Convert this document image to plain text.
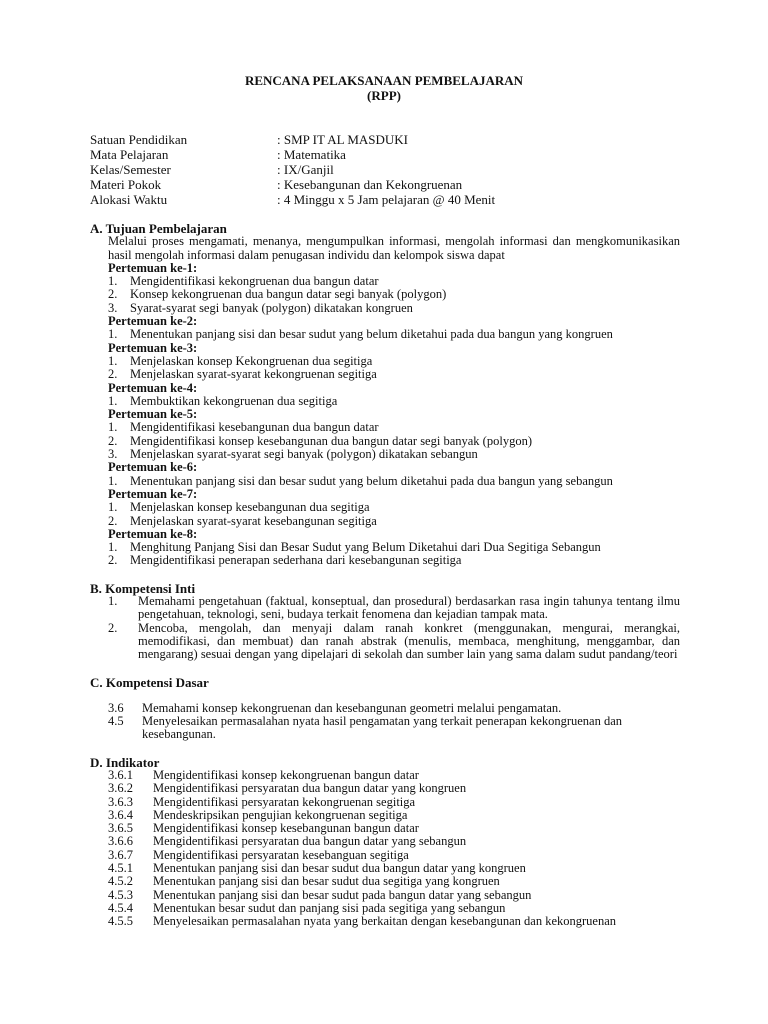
RENCANA PELAKSANAAN PEMBELAJARAN
(RPP)
Satuan Pendidikan	: SMP IT AL MASDUKI
Mata Pelajaran	: Matematika
Kelas/Semester	: IX/Ganjil
Materi Pokok	: Kesebangunan dan Kekongruenan
Alokasi Waktu	: 4 Minggu x 5 Jam pelajaran @ 40 Menit
A. Tujuan Pembelajaran
Melalui proses mengamati, menanya, mengumpulkan informasi, mengolah informasi dan mengkomunikasikan hasil mengolah informasi dalam penugasan individu dan kelompok siswa dapat
Pertemuan ke-1:
1.	Mengidentifikasi kekongruenan dua bangun datar
2.	Konsep kekongruenan dua bangun datar segi banyak (polygon)
3.	Syarat-syarat segi banyak (polygon) dikatakan kongruen
Pertemuan ke-2:
1.	Menentukan panjang sisi dan besar sudut yang belum diketahui pada dua bangun yang kongruen
Pertemuan ke-3:
1.	Menjelaskan konsep Kekongruenan dua segitiga
2.	Menjelaskan syarat-syarat kekongruenan segitiga
Pertemuan ke-4:
1.	Membuktikan kekongruenan dua segitiga
Pertemuan ke-5:
1.	Mengidentifikasi kesebangunan dua bangun datar
2.	Mengidentifikasi konsep kesebangunan dua bangun datar segi banyak (polygon)
3.	Menjelaskan syarat-syarat segi banyak (polygon) dikatakan sebangun
Pertemuan ke-6:
1.	Menentukan panjang sisi dan besar sudut yang belum diketahui pada dua bangun yang sebangun
Pertemuan ke-7:
1.	Menjelaskan konsep kesebangunan dua segitiga
2.	Menjelaskan syarat-syarat kesebangunan segitiga
Pertemuan ke-8:
1.	Menghitung Panjang Sisi dan Besar Sudut yang Belum Diketahui dari Dua Segitiga Sebangun
2.	Mengidentifikasi penerapan sederhana dari kesebangunan segitiga
B. Kompetensi Inti
1.	Memahami pengetahuan (faktual, konseptual, dan prosedural) berdasarkan rasa ingin tahunya tentang ilmu pengetahuan, teknologi, seni, budaya terkait fenomena dan kejadian tampak mata.
2.	Mencoba, mengolah, dan menyaji dalam ranah konkret (menggunakan, mengurai, merangkai, memodifikasi, dan membuat) dan ranah abstrak (menulis, membaca, menghitung, menggambar, dan mengarang) sesuai dengan yang dipelajari di sekolah dan sumber lain yang sama dalam sudut pandang/teori
C. Kompetensi Dasar
3.6	Memahami konsep kekongruenan dan kesebangunan geometri melalui pengamatan.
4.5	Menyelesaikan permasalahan nyata hasil pengamatan yang terkait penerapan kekongruenan dan kesebangunan.
D. Indikator
3.6.1	Mengidentifikasi konsep kekongruenan bangun datar
3.6.2	Mengidentifikasi persyaratan dua bangun datar yang kongruen
3.6.3	Mengidentifikasi persyaratan kekongruenan segitiga
3.6.4	Mendeskripsikan pengujian kekongruenan segitiga
3.6.5	Mengidentifikasi konsep kesebangunan bangun datar
3.6.6	Mengidentifikasi persyaratan dua bangun datar yang sebangun
3.6.7	Mengidentifikasi persyaratan kesebanguan segitiga
4.5.1	Menentukan panjang sisi dan besar sudut dua bangun datar yang kongruen
4.5.2	Menentukan panjang sisi dan besar sudut dua segitiga yang kongruen
4.5.3	Menentukan panjang sisi dan besar sudut pada bangun datar yang sebangun
4.5.4	Menentukan besar sudut dan panjang sisi pada segitiga yang sebangun
4.5.5	Menyelesaikan permasalahan nyata yang berkaitan dengan kesebangunan dan kekongruenan
